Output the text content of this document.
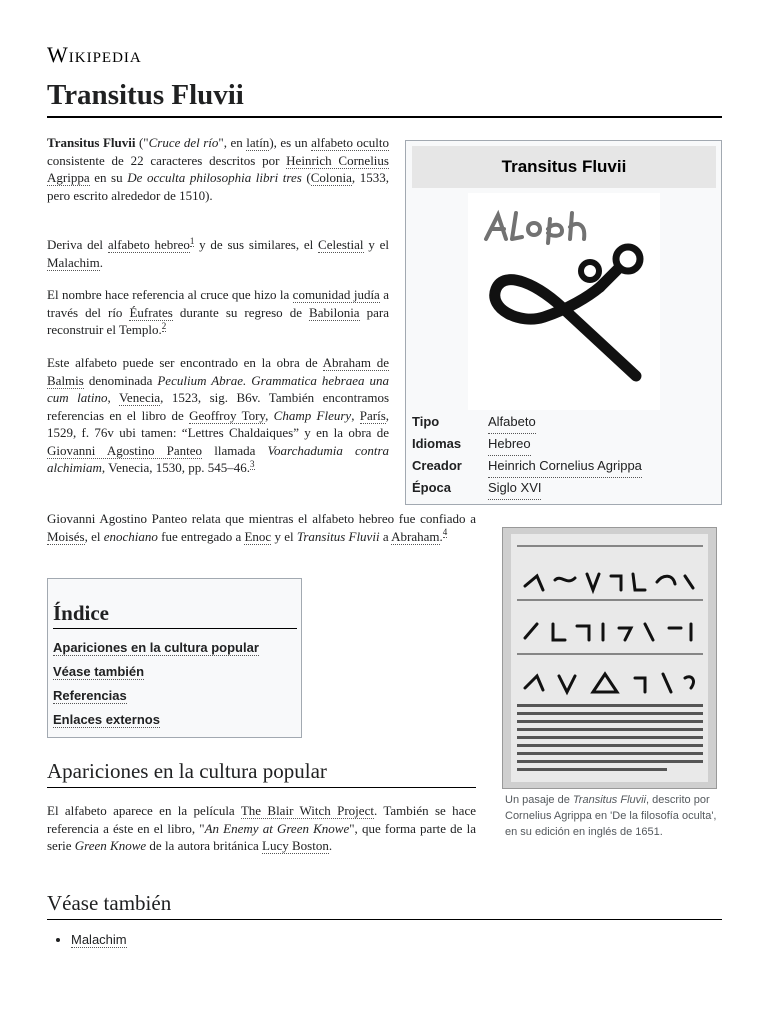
Wikipedia
Transitus Fluvii

Transitus Fluvii ("Cruce del río", en latín), es un alfabeto oculto consistente de 22 caracteres descritos por Heinrich Cornelius Agrippa en su De occulta philosophia libri tres (Colonia, 1533, pero escrito alrededor de 1510).

Deriva del alfabeto hebreo$^1$ y de sus similares, el Celestial y el Malachim.

El nombre hace referencia al cruce que hizo la comunidad judía a través del río Éufrates durante su regreso de Babilonia para reconstruir el Templo.$^2$

Este alfabeto puede ser encontrado en la obra de Abraham de Balmis denominada Peculium Abrae. Grammatica hebraea una cum latino, Venecia, 1523, sig. B6v. También encontramos referencias en el libro de Geoffroy Tory, Champ Fleury, París, 1529, f. 76v ubi tamen: “Lettres Chaldaiques” y en la obra de Giovanni Agostino Panteo llamada Voarchadumia contra alchimiam, Venecia, 1530, pp. 545–46.$^3$

Giovanni Agostino Panteo relata que mientras el alfabeto hebreo fue confiado a Moisés, el enochiano fue entregado a Enoc y el Transitus Fluvii a Abraham.$^4$

Transitus Fluvii
Tipo	Alfabeto
Idiomas Hebreo
Creador Heinrich Cornelius Agrippa
Época	Siglo XVI
Un pasaje de Transitus Fluvii, descrito por Cornelius Agrippa en 'De la filosofía oculta', en su edición en inglés de 1651.
Índice
Apariciones en la cultura popular
Véase también
Referencias
Enlaces externos
Apariciones en la cultura popular

El alfabeto aparece en la película The Blair Witch Project. También se hace referencia a éste en el libro, "An Enemy at Green Knowe", que forma parte de la serie Green Knowe de la autora británica Lucy Boston.

Véase también
• Malachim
